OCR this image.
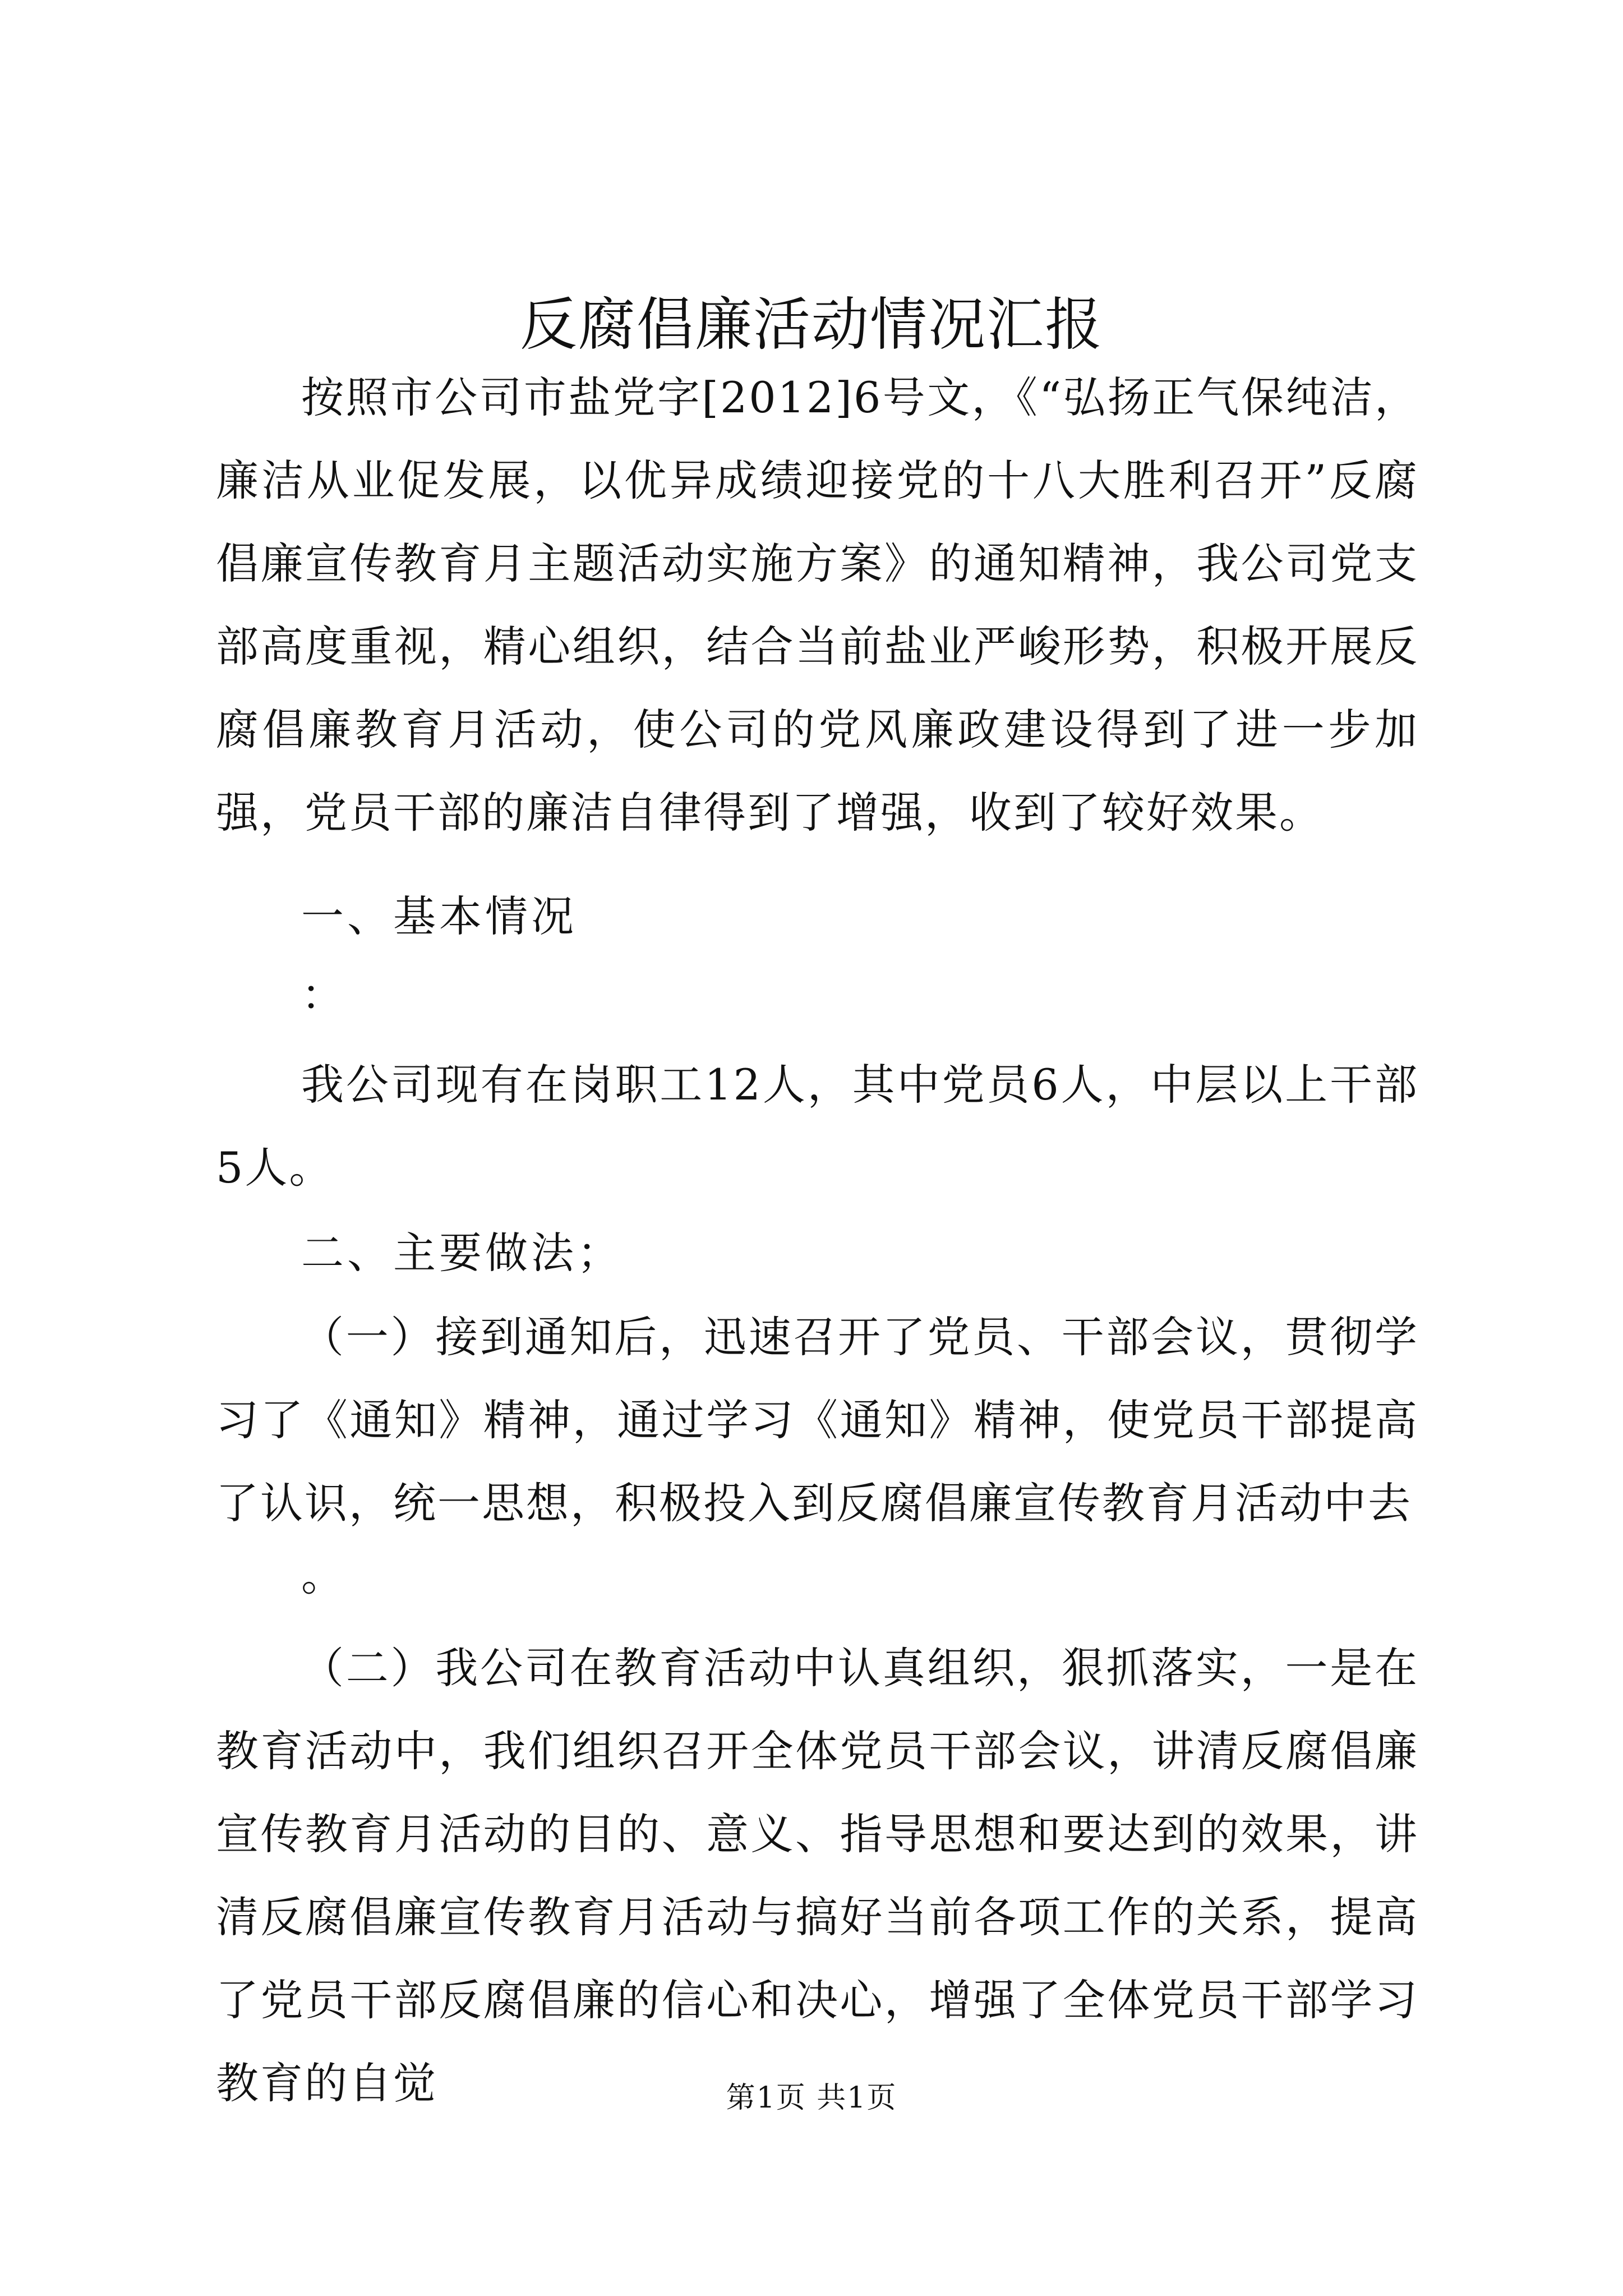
反腐倡廉活动情况汇报

按照市公司市盐党字[2012]6号文，《“弘扬正气保纯洁，廉洁从业促发展，以优异成绩迎接党的十八大胜利召开”反腐倡廉宣传教育月主题活动实施方案》的通知精神，我公司党支部高度重视，精心组织，结合当前盐业严峻形势，积极开展反腐倡廉教育月活动，使公司的党风廉政建设得到了进一步加强，党员干部的廉洁自律得到了增强，收到了较好效果。

一、基本情况

：

我公司现有在岗职工12人，其中党员6人，中层以上干部5人。

二、主要做法；

（一）接到通知后，迅速召开了党员、干部会议，贯彻学习了《通知》精神，通过学习《通知》精神，使党员干部提高了认识，统一思想，积极投入到反腐倡廉宣传教育月活动中去

。

（二）我公司在教育活动中认真组织，狠抓落实，一是在教育活动中，我们组织召开全体党员干部会议，讲清反腐倡廉宣传教育月活动的目的、意义、指导思想和要达到的效果，讲清反腐倡廉宣传教育月活动与搞好当前各项工作的关系，提高了党员干部反腐倡廉的信心和决心，增强了全体党员干部学习教育的自觉	第1页 共1页
